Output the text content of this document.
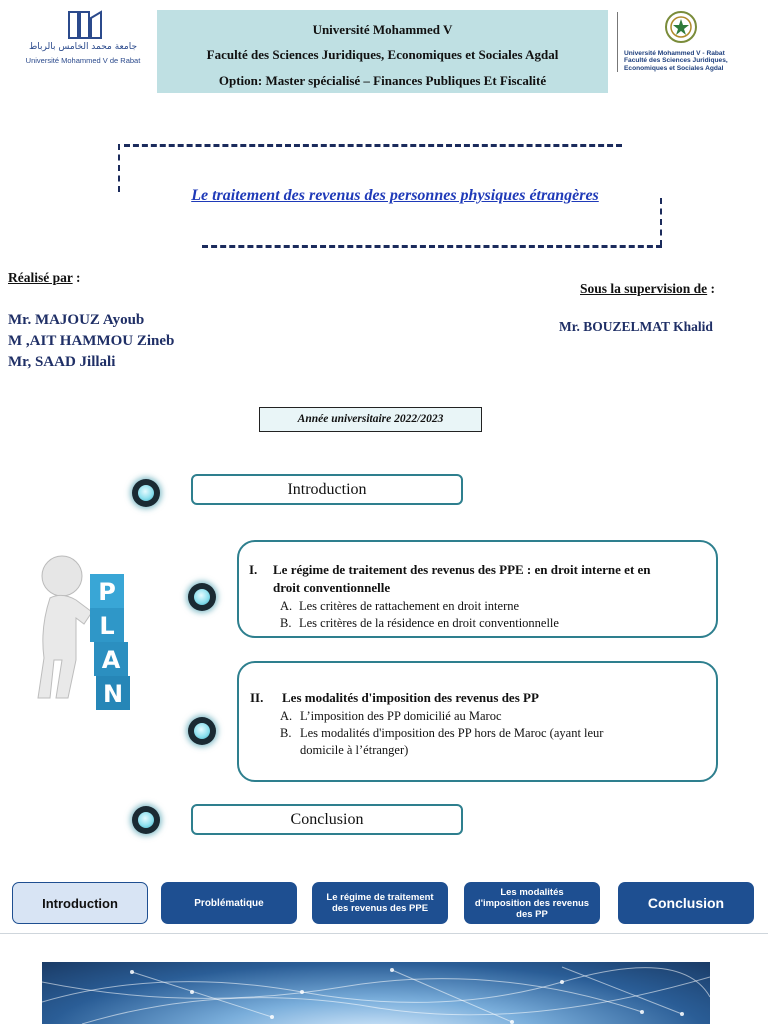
جامعة محمد الخامس بالرباط
Université Mohammed V de Rabat
Université Mohammed V
Faculté des Sciences Juridiques, Economiques et Sociales Agdal
Option: Master spécialisé – Finances Publiques Et Fiscalité
Université Mohammed V - Rabat
Faculté des Sciences Juridiques,
Economiques et Sociales Agdal
Le traitement des revenus des personnes physiques étrangères
Réalisé par :
Mr. MAJOUZ Ayoub
M ,AIT HAMMOU Zineb
Mr, SAAD Jillali
Sous la supervision de :
Mr. BOUZELMAT Khalid
Année universitaire 2022/2023
P
L
A
N
Introduction
I. Le régime de traitement des revenus des PPE : en droit interne et en
droit conventionnelle
A. Les critères de rattachement en droit interne
B. Les critères de la résidence en droit conventionnelle
II. Les modalités d'imposition des revenus des PP
A. L’imposition des PP domicilié au Maroc
B. Les modalités d'imposition des PP hors de Maroc (ayant leur
domicile à l’étranger)
Conclusion
Introduction	Problématique	Le régime de traitement
des revenus des PPE
Les modalités
d'imposition des revenus
des PP
Conclusion
